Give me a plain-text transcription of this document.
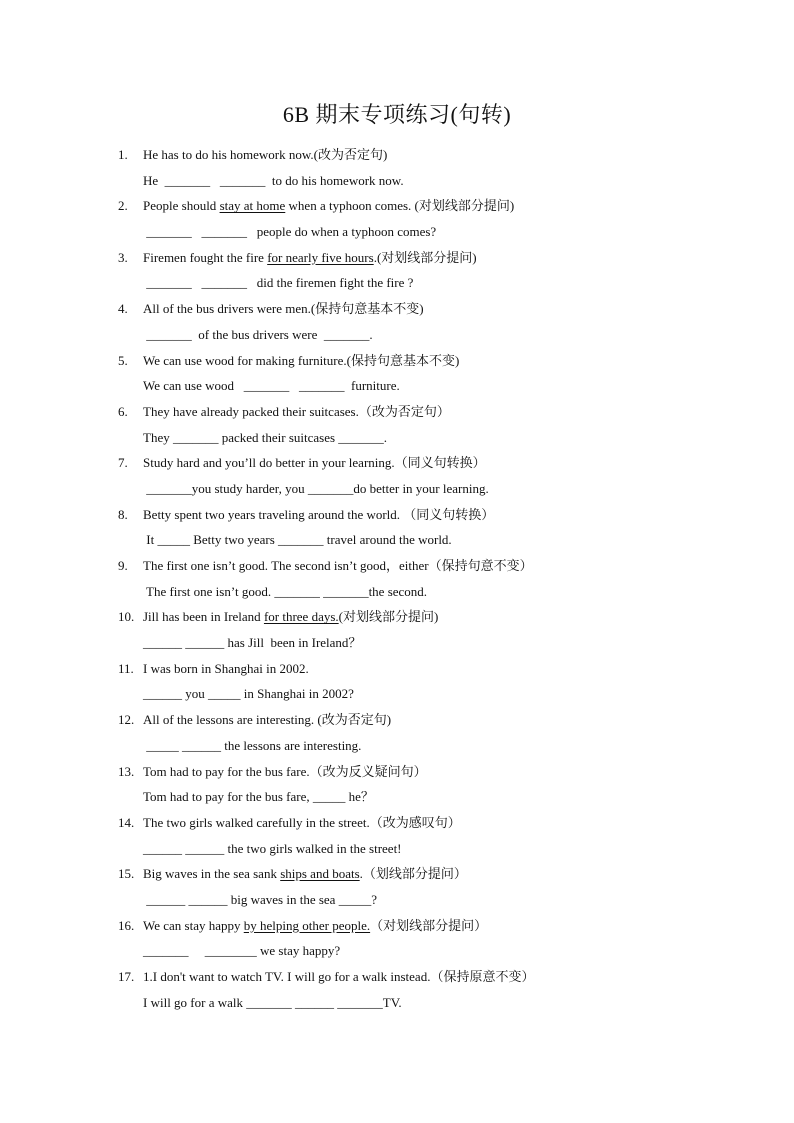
6B 期末专项练习(句转)
1. He has to do his homework now.(改为否定句)
He  _______   _______  to do his homework now.
2. People should stay at home when a typhoon comes. (对划线部分提问)
_______   _______   people do when a typhoon comes?
3. Firemen fought the fire for nearly five hours.(对划线部分提问)
_______   _______   did the firemen fight the fire ?
4. All of the bus drivers were men.(保持句意基本不变)
_______  of the bus drivers were  _______.
5. We can use wood for making furniture.(保持句意基本不变)
We can use wood   _______   _______  furniture.
6. They have already packed their suitcases.（改为否定句）
They _______ packed their suitcases _______.
7. Study hard and you’ll do better in your learning.（同义句转换）
_______you study harder, you _______do better in your learning.
8. Betty spent two years traveling around the world. （同义句转换）
It _____ Betty two years _______ travel around the world.
9. The first one isn’t good. The second isn’t good，either（保持句意不变）
The first one isn’t good. _______ _______the second.
10. Jill has been in Ireland for three days.(对划线部分提问)
______ ______ has Jill  been in Ireland？
11. I was born in Shanghai in 2002.
______ you _____ in Shanghai in 2002?
12. All of the lessons are interesting. (改为否定句)
_____ ______ the lessons are interesting.
13. Tom had to pay for the bus fare.（改为反义疑问句）
Tom had to pay for the bus fare, _____ he？
14. The two girls walked carefully in the street.（改为感叹句）
______ ______ the two girls walked in the street!
15. Big waves in the sea sank ships and boats.（划线部分提问）
______ ______ big waves in the sea _____?
16. We can stay happy by helping other people.（对划线部分提问）
_______     ________ we stay happy?
17. 1.I don't want to watch TV. I will go for a walk instead.（保持原意不变）
I will go for a walk _______ ______ _______TV.
